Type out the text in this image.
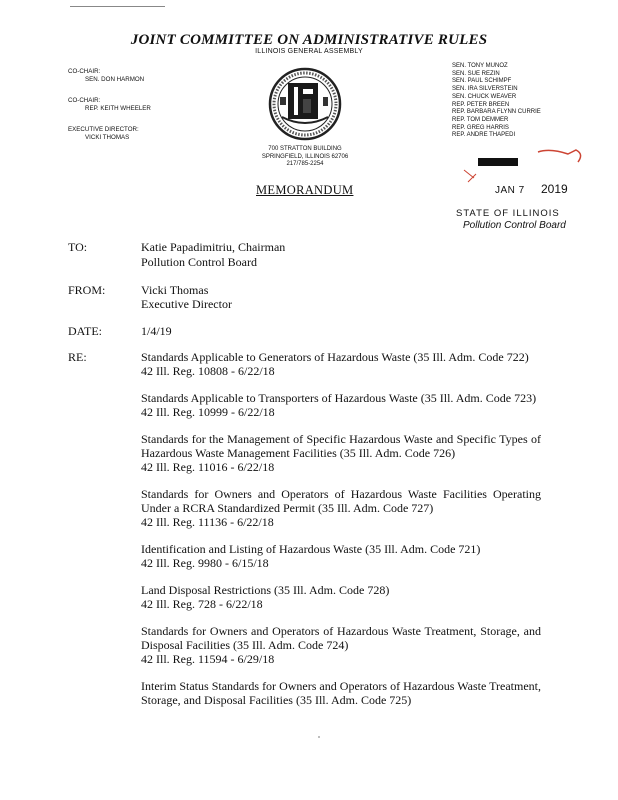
JOINT COMMITTEE ON ADMINISTRATIVE RULES
ILLINOIS GENERAL ASSEMBLY
CO-CHAIR:
SEN. DON HARMON
CO-CHAIR:
REP. KEITH WHEELER
EXECUTIVE DIRECTOR:
VICKI THOMAS
700 STRATTON BUILDING
SPRINGFIELD, ILLINOIS 62706
217/785-2254
SEN. TONY MUNOZ
SEN. SUE REZIN
SEN. PAUL SCHIMPF
SEN. IRA SILVERSTEIN
SEN. CHUCK WEAVER
REP. PETER BREEN
REP. BARBARA FLYNN CURRIE
REP. TOM DEMMER
REP. GREG HARRIS
REP. ANDRE THAPEDI
JAN 7 2019
STATE OF ILLINOIS
Pollution Control Board
MEMORANDUM
TO:	Katie Papadimitriu, Chairman
Pollution Control Board
FROM:	Vicki Thomas
Executive Director
DATE:	1/4/19
RE:	Standards Applicable to Generators of Hazardous Waste (35 Ill. Adm. Code 722)
42 Ill. Reg. 10808 - 6/22/18
Standards Applicable to Transporters of Hazardous Waste (35 Ill. Adm. Code 723)
42 Ill. Reg. 10999 - 6/22/18
Standards for the Management of Specific Hazardous Waste and Specific Types of Hazardous Waste Management Facilities (35 Ill. Adm. Code 726)
42 Ill. Reg. 11016 - 6/22/18
Standards for Owners and Operators of Hazardous Waste Facilities Operating Under a RCRA Standardized Permit (35 Ill. Adm. Code 727)
42 Ill. Reg. 11136 - 6/22/18
Identification and Listing of Hazardous Waste (35 Ill. Adm. Code 721)
42 Ill. Reg. 9980 - 6/15/18
Land Disposal Restrictions (35 Ill. Adm. Code 728)
42 Ill. Reg. 728 - 6/22/18
Standards for Owners and Operators of Hazardous Waste Treatment, Storage, and Disposal Facilities (35 Ill. Adm. Code 724)
42 Ill. Reg. 11594 - 6/29/18
Interim Status Standards for Owners and Operators of Hazardous Waste Treatment, Storage, and Disposal Facilities (35 Ill. Adm. Code 725)
